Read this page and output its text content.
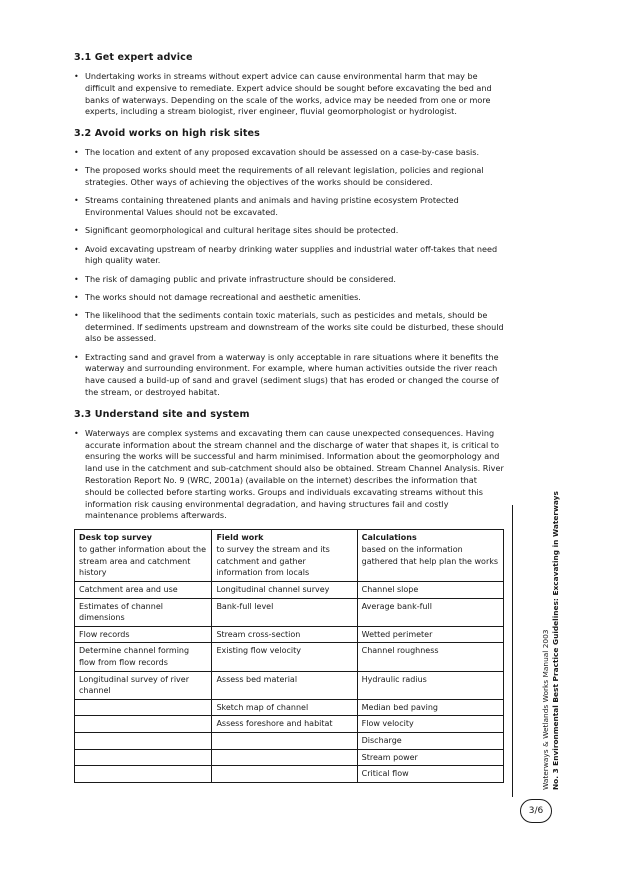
3.1 Get expert advice
• Undertaking works in streams without expert advice can cause environmental harm that may be difficult and expensive to remediate. Expert advice should be sought before excavating the bed and banks of waterways. Depending on the scale of the works, advice may be needed from one or more experts, including a stream biologist, river engineer, fluvial geomorphologist or hydrologist.
3.2 Avoid works on high risk sites
• The location and extent of any proposed excavation should be assessed on a case-by-case basis.
• The proposed works should meet the requirements of all relevant legislation, policies and regional strategies. Other ways of achieving the objectives of the works should be considered.
• Streams containing threatened plants and animals and having pristine ecosystem Protected Environmental Values should not be excavated.
• Significant geomorphological and cultural heritage sites should be protected.
• Avoid excavating upstream of nearby drinking water supplies and industrial water off-takes that need high quality water.
• The risk of damaging public and private infrastructure should be considered.
• The works should not damage recreational and aesthetic amenities.
• The likelihood that the sediments contain toxic materials, such as pesticides and metals, should be determined. If sediments upstream and downstream of the works site could be disturbed, these should also be assessed.
• Extracting sand and gravel from a waterway is only acceptable in rare situations where it benefits the waterway and surrounding environment. For example, where human activities outside the river reach have caused a build-up of sand and gravel (sediment slugs) that has eroded or changed the course of the stream, or destroyed habitat.
3.3 Understand site and system
• Waterways are complex systems and excavating them can cause unexpected consequences. Having accurate information about the stream channel and the discharge of water that shapes it, is critical to ensuring the works will be successful and harm minimised. Information about the geomorphology and land use in the catchment and sub-catchment should also be obtained. Stream Channel Analysis. River Restoration Report No. 9 (WRC, 2001a) (available on the internet) describes the information that should be collected before starting works. Groups and individuals excavating streams without this information risk causing environmental degradation, and having structures fail and costly maintenance problems afterwards.
Desk top survey	Field work	Calculations
to gather information about the stream area and catchment history	to survey the stream and its catchment and gather information from locals	based on the information gathered that help plan the works
Catchment area and use	Longitudinal channel survey	Channel slope
Estimates of channel dimensions	Bank-full level	Average bank-full
Flow records	Stream cross-section	Wetted perimeter
Determine channel forming flow from flow records	Existing flow velocity	Channel roughness
Longitudinal survey of river channel	Assess bed material	Hydraulic radius
	Sketch map of channel	Median bed paving
	Assess foreshore and habitat	Flow velocity
		Discharge
		Stream power
		Critical flow	Waterways & Wetlands Works Manual 2003 No. 3 Environmental Best Practice Guidelines: Excavating in Waterways
3/6
